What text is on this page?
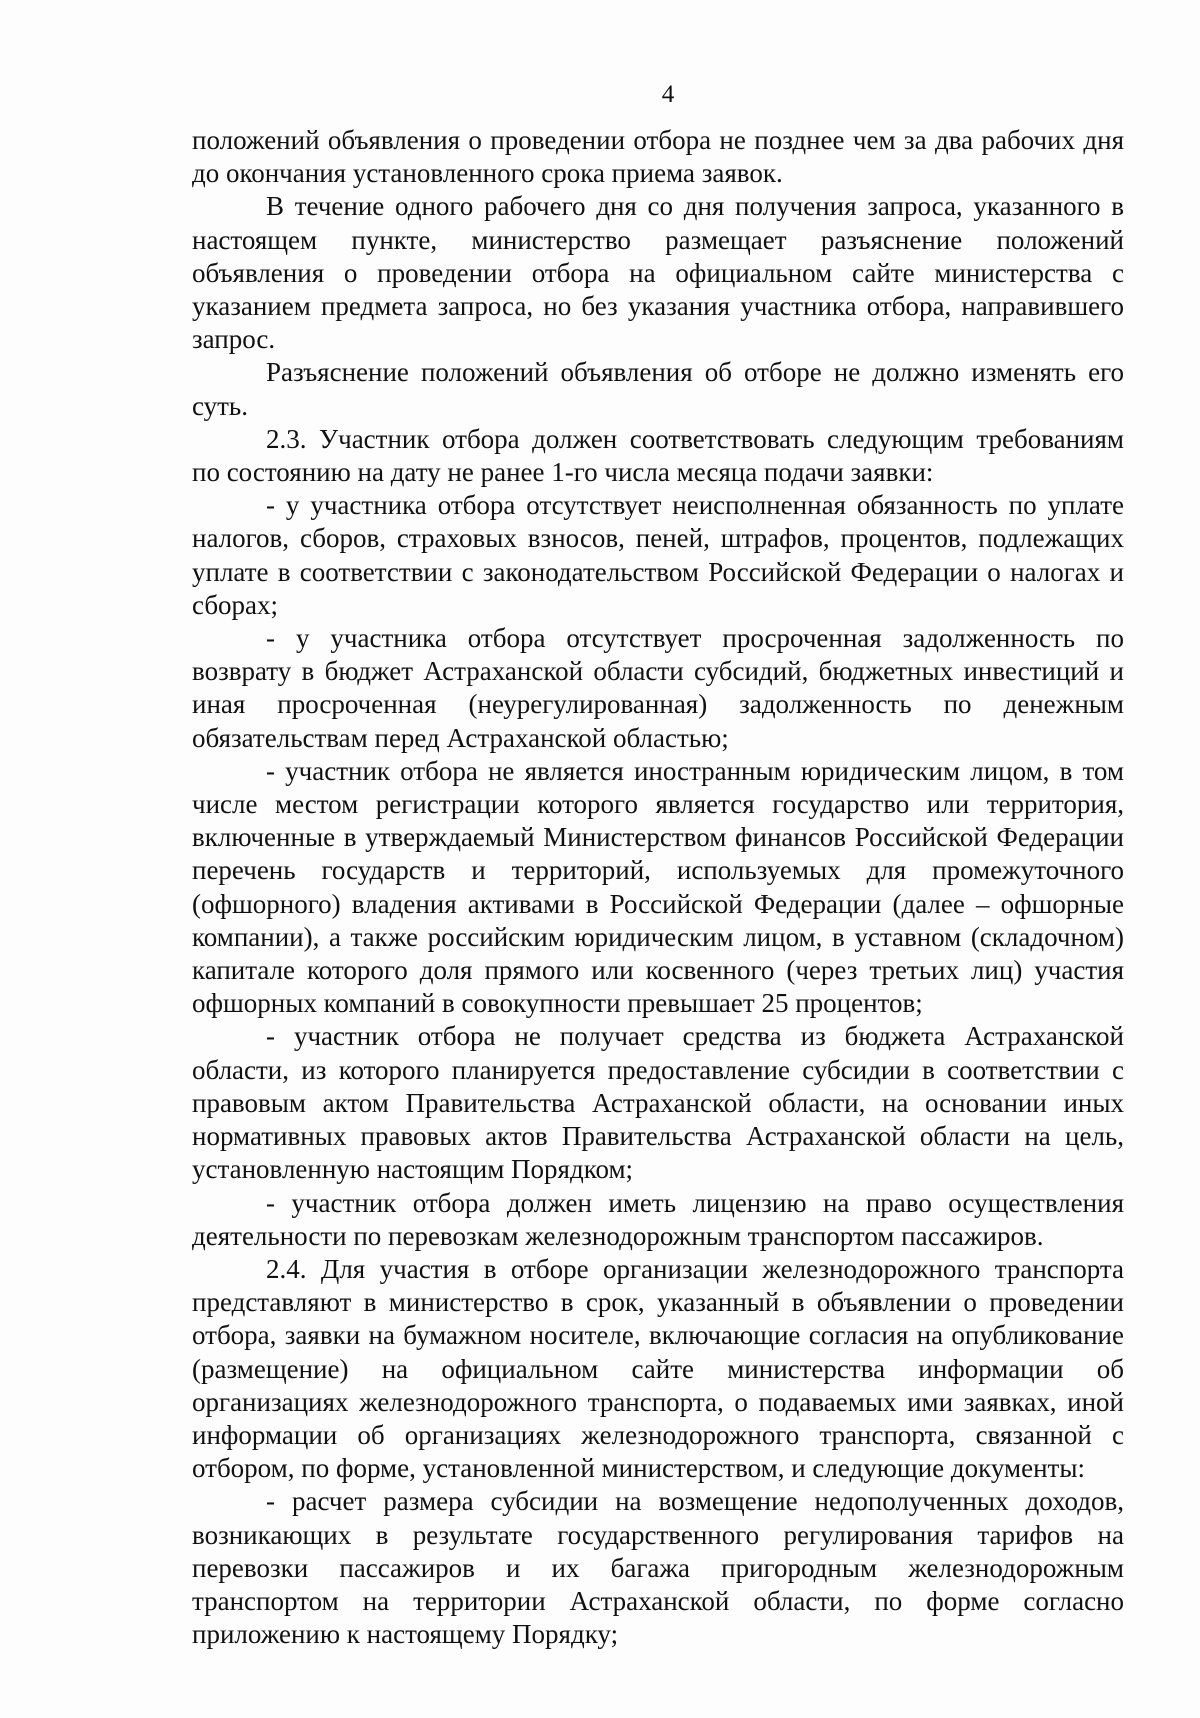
4

положений объявления о проведении отбора не позднее чем за два рабочих дня до окончания установленного срока приема заявок.

В течение одного рабочего дня со дня получения запроса, указанного в настоящем пункте, министерство размещает разъяснение положений объявления о проведении отбора на официальном сайте министерства с указанием предмета запроса, но без указания участника отбора, направившего запрос.

Разъяснение положений объявления об отборе не должно изменять его суть.

2.3. Участник отбора должен соответствовать следующим требованиям по состоянию на дату не ранее 1-го числа месяца подачи заявки:

- у участника отбора отсутствует неисполненная обязанность по уплате налогов, сборов, страховых взносов, пеней, штрафов, процентов, подлежащих уплате в соответствии с законодательством Российской Федерации о налогах и сборах;

- у участника отбора отсутствует просроченная задолженность по возврату в бюджет Астраханской области субсидий, бюджетных инвестиций и иная просроченная (неурегулированная) задолженность по денежным обязательствам перед Астраханской областью;

- участник отбора не является иностранным юридическим лицом, в том числе местом регистрации которого является государство или территория, включенные в утверждаемый Министерством финансов Российской Федерации перечень государств и территорий, используемых для промежуточного (офшорного) владения активами в Российской Федерации (далее – офшорные компании), а также российским юридическим лицом, в уставном (складочном) капитале которого доля прямого или косвенного (через третьих лиц) участия офшорных компаний в совокупности превышает 25 процентов;

- участник отбора не получает средства из бюджета Астраханской области, из которого планируется предоставление субсидии в соответствии с правовым актом Правительства Астраханской области, на основании иных нормативных правовых актов Правительства Астраханской области на цель, установленную настоящим Порядком;

- участник отбора должен иметь лицензию на право осуществления деятельности по перевозкам железнодорожным транспортом пассажиров.

2.4. Для участия в отборе организации железнодорожного транспорта представляют в министерство в срок, указанный в объявлении о проведении отбора, заявки на бумажном носителе, включающие согласия на опубликование (размещение) на официальном сайте министерства информации об организациях железнодорожного транспорта, о подаваемых ими заявках, иной информации об организациях железнодорожного транспорта, связанной с отбором, по форме, установленной министерством, и следующие документы:

- расчет размера субсидии на возмещение недополученных доходов, возникающих в результате государственного регулирования тарифов на перевозки пассажиров и их багажа пригородным железнодорожным транспортом на территории Астраханской области, по форме согласно приложению к настоящему Порядку;
